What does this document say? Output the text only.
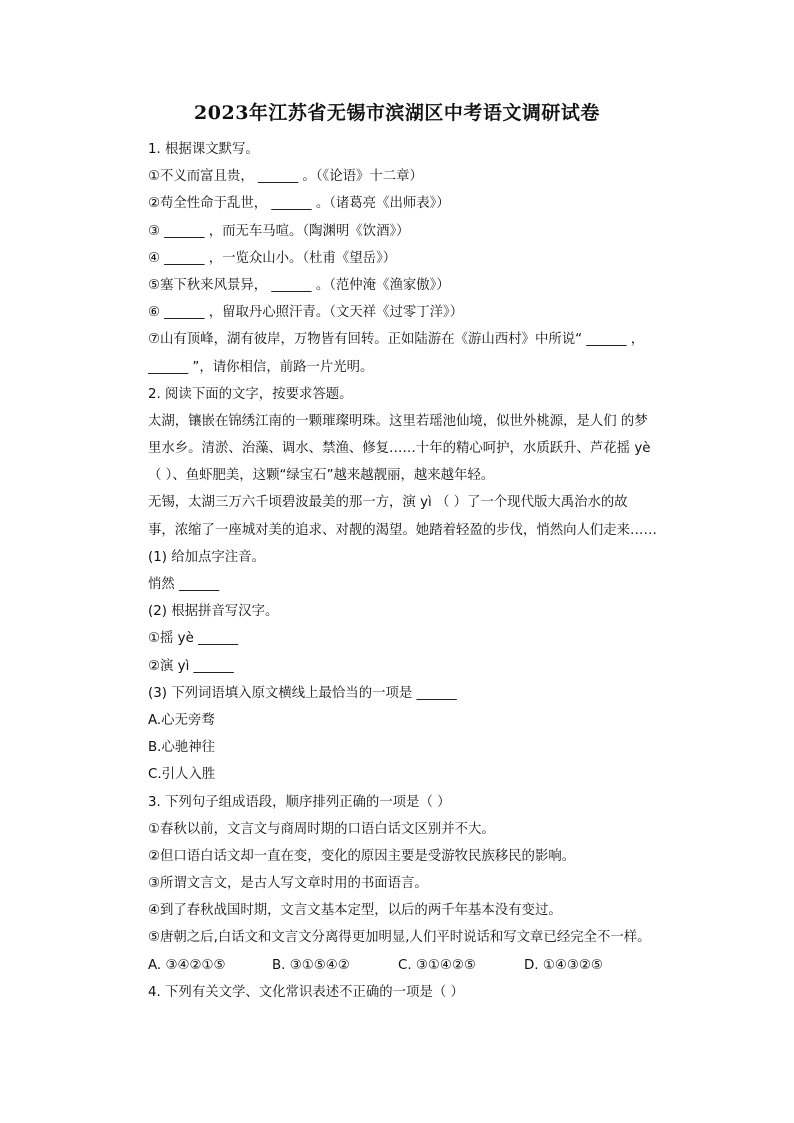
2023年江苏省无锡市滨湖区中考语文调研试卷
1. 根据课文默写。
①不义而富且贵， ______ 。（《论语》十二章）
②苟全性命于乱世， ______ 。（诸葛亮《出师表》）
③ ______ ，而无车马喧。（陶渊明《饮酒》）
④ ______ ，一览众山小。（杜甫《望岳》）
⑤塞下秋来风景异， ______ 。（范仲淹《渔家傲》）
⑥ ______ ，留取丹心照汗青。（文天祥《过零丁洋》）
⑦山有顶峰，湖有彼岸，万物皆有回转。正如陆游在《游山西村》中所说“ ______ ，
______ ”，请你相信，前路一片光明。
2. 阅读下面的文字，按要求答题。
太湖，镶嵌在锦绣江南的一颗璀璨明珠。这里若瑶池仙境，似世外桃源，是人们 的梦
里水乡。清淤、治藻、调水、禁渔、修复……十年的精心呵护，水质跃升、芦花摇 yè
（ ）、鱼虾肥美，这颗“绿宝石”越来越靓丽，越来越年轻。
无锡，太湖三万六千顷碧波最美的那一方，演 yì （ ）了一个现代版大禹治水的故
事，浓缩了一座城对美的追求、对靓的渴望。她踏着轻盈的步伐，悄然向人们走来……
(1) 给加点字注音。
悄然 ______
(2) 根据拼音写汉字。
①摇 yè ______
②演 yì ______
(3) 下列词语填入原文横线上最恰当的一项是 ______
A.心无旁骛
B.心驰神往
C.引人入胜
3. 下列句子组成语段，顺序排列正确的一项是（ ）
①春秋以前，文言文与商周时期的口语白话文区别并不大。
②但口语白话文却一直在变，变化的原因主要是受游牧民族移民的影响。
③所谓文言文，是古人写文章时用的书面语言。
④到了春秋战国时期，文言文基本定型，以后的两千年基本没有变过。
⑤唐朝之后,白话文和文言文分离得更加明显,人们平时说话和写文章已经完全不一样。
A. ③④②①⑤	B. ③①⑤④②	C. ③①④②⑤	D. ①④③②⑤
4. 下列有关文学、文化常识表述不正确的一项是（ ）
